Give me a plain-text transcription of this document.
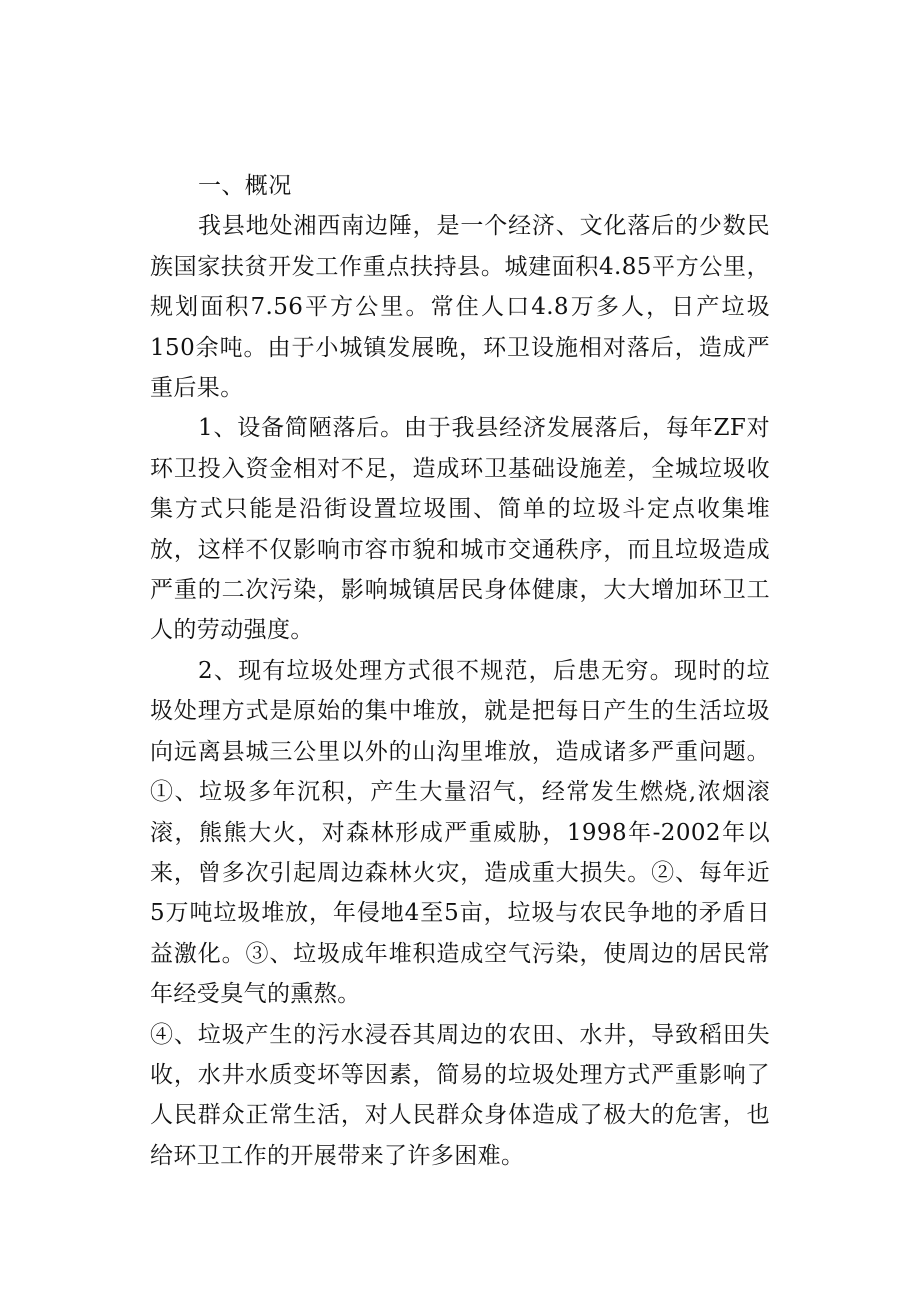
一、概况

我县地处湘西南边陲，是一个经济、文化落后的少数民族国家扶贫开发工作重点扶持县。城建面积4.85平方公里，规划面积7.56平方公里。常住人口4.8万多人，日产垃圾150余吨。由于小城镇发展晚，环卫设施相对落后，造成严重后果。

1、设备简陋落后。由于我县经济发展落后，每年ZF对环卫投入资金相对不足，造成环卫基础设施差，全城垃圾收集方式只能是沿街设置垃圾围、简单的垃圾斗定点收集堆放，这样不仅影响市容市貌和城市交通秩序，而且垃圾造成严重的二次污染，影响城镇居民身体健康，大大增加环卫工人的劳动强度。

2、现有垃圾处理方式很不规范，后患无穷。现时的垃圾处理方式是原始的集中堆放，就是把每日产生的生活垃圾向远离县城三公里以外的山沟里堆放，造成诸多严重问题。①、垃圾多年沉积，产生大量沼气，经常发生燃烧,浓烟滚滚，熊熊大火，对森林形成严重威胁，1998年-2002年以来，曾多次引起周边森林火灾，造成重大损失。②、每年近5万吨垃圾堆放，年侵地4至5亩，垃圾与农民争地的矛盾日益激化。③、垃圾成年堆积造成空气污染，使周边的居民常年经受臭气的熏熬。

④、垃圾产生的污水浸吞其周边的农田、水井，导致稻田失收，水井水质变坏等因素，简易的垃圾处理方式严重影响了人民群众正常生活，对人民群众身体造成了极大的危害，也给环卫工作的开展带来了许多困难。
